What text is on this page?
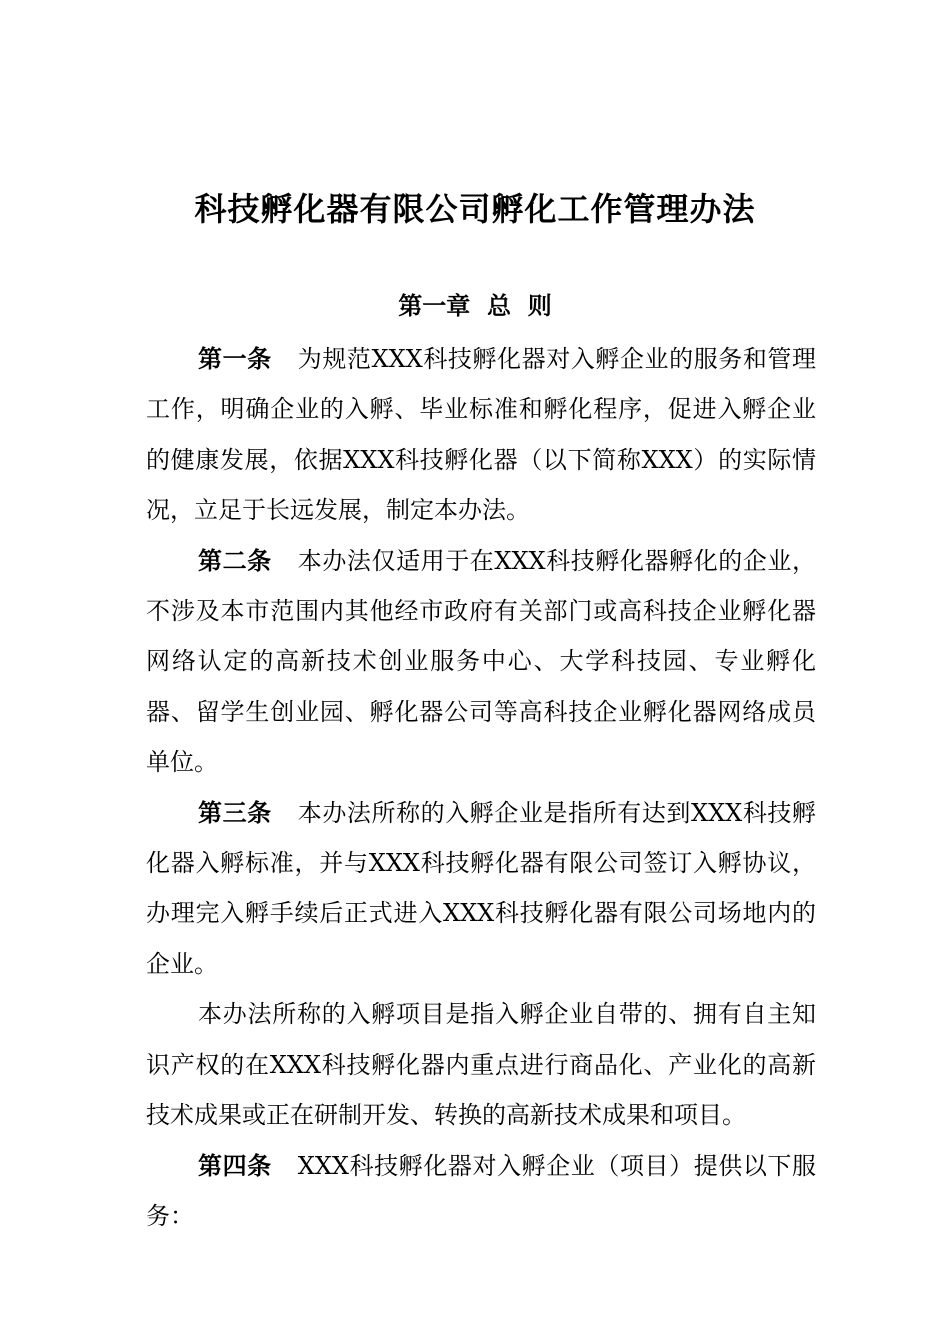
科技孵化器有限公司孵化工作管理办法
第一章  总  则

第一条 为规范XXX科技孵化器对入孵企业的服务和管理工作，明确企业的入孵、毕业标准和孵化程序，促进入孵企业的健康发展，依据XXX科技孵化器（以下简称XXX）的实际情况，立足于长远发展，制定本办法。

第二条 本办法仅适用于在XXX科技孵化器孵化的企业，不涉及本市范围内其他经市政府有关部门或高科技企业孵化器网络认定的高新技术创业服务中心、大学科技园、专业孵化器、留学生创业园、孵化器公司等高科技企业孵化器网络成员单位。

第三条 本办法所称的入孵企业是指所有达到XXX科技孵化器入孵标准，并与XXX科技孵化器有限公司签订入孵协议，办理完入孵手续后正式进入XXX科技孵化器有限公司场地内的企业。

本办法所称的入孵项目是指入孵企业自带的、拥有自主知识产权的在XXX科技孵化器内重点进行商品化、产业化的高新技术成果或正在研制开发、转换的高新技术成果和项目。

第四条 XXX科技孵化器对入孵企业（项目）提供以下服务：
